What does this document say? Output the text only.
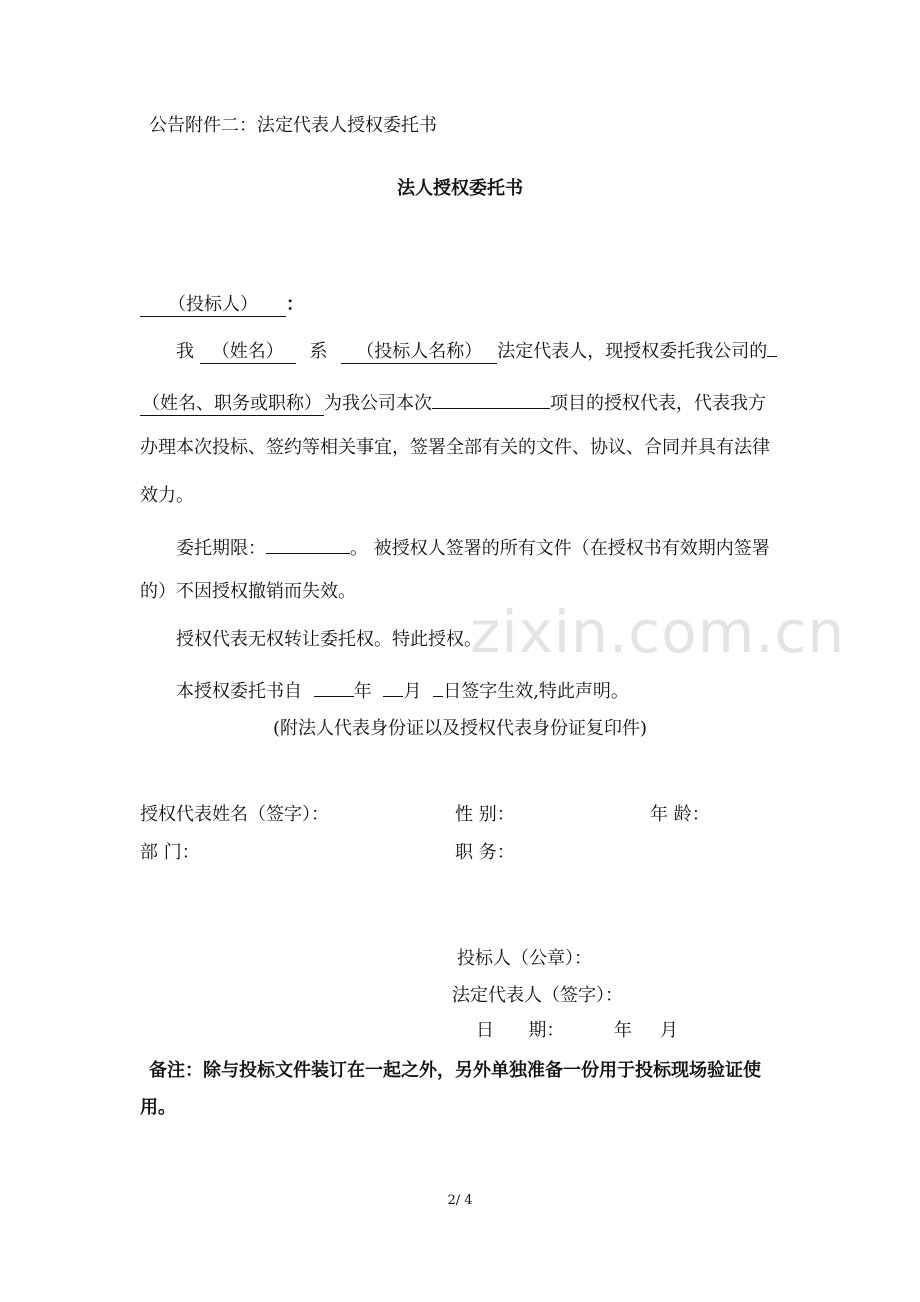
公告附件二：法定代表人授权委托书
法人授权委托书
（投标人） ：
我 （姓名） 系 （投标人名称） 法定代表人，现授权委托我公司的
（姓名、职务或职称） 为我公司本次	项目的授权代表，代表我方
办理本次投标、签约等相关事宜，签署全部有关的文件、协议、合同并具有法律
效力。
委托期限：	。 被授权人签署的所有文件（在授权书有效期内签署
的）不因授权撤销而失效。
授权代表无权转让委托权。特此授权。
本授权委托书自	年 月 日签字生效,特此声明。
(附法人代表身份证以及授权代表身份证复印件)
授权代表姓名（签字）：	性 别：	年 龄：
部 门：	职 务：
投标人（公章）：
法定代表人（签字）：
日      期：	年 月
备注：除与投标文件装订在一起之外，另外单独准备一份用于投标现场验证使
用。
zixin.com.cn
2/ 4
